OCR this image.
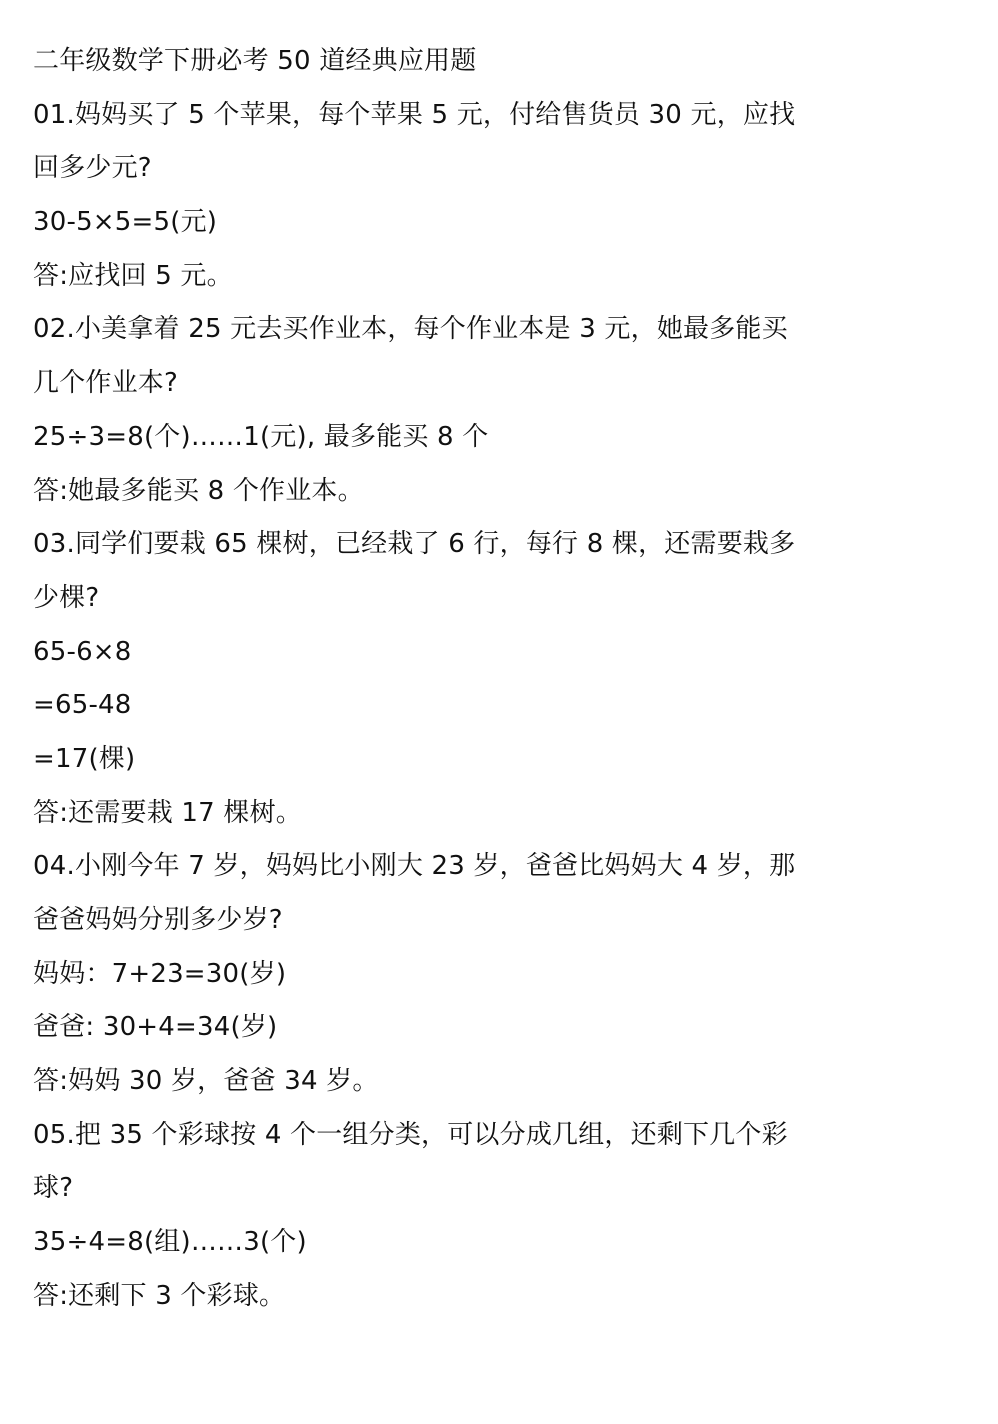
二年级数学下册必考 50 道经典应用题
01.妈妈买了 5 个苹果，每个苹果 5 元，付给售货员 30 元，应找
回多少元?
30-5×5=5(元)
答:应找回 5 元。
02.小美拿着 25 元去买作业本，每个作业本是 3 元，她最多能买
几个作业本?
25÷3=8(个)……1(元), 最多能买 8 个
答:她最多能买 8 个作业本。
03.同学们要栽 65 棵树，已经栽了 6 行，每行 8 棵，还需要栽多
少棵?
65-6×8
=65-48
=17(棵)
答:还需要栽 17 棵树。
04.小刚今年 7 岁，妈妈比小刚大 23 岁，爸爸比妈妈大 4 岁，那
爸爸妈妈分别多少岁?
妈妈：7+23=30(岁)
爸爸: 30+4=34(岁)
答:妈妈 30 岁，爸爸 34 岁。
05.把 35 个彩球按 4 个一组分类，可以分成几组，还剩下几个彩
球?
35÷4=8(组)……3(个)
答:还剩下 3 个彩球。
